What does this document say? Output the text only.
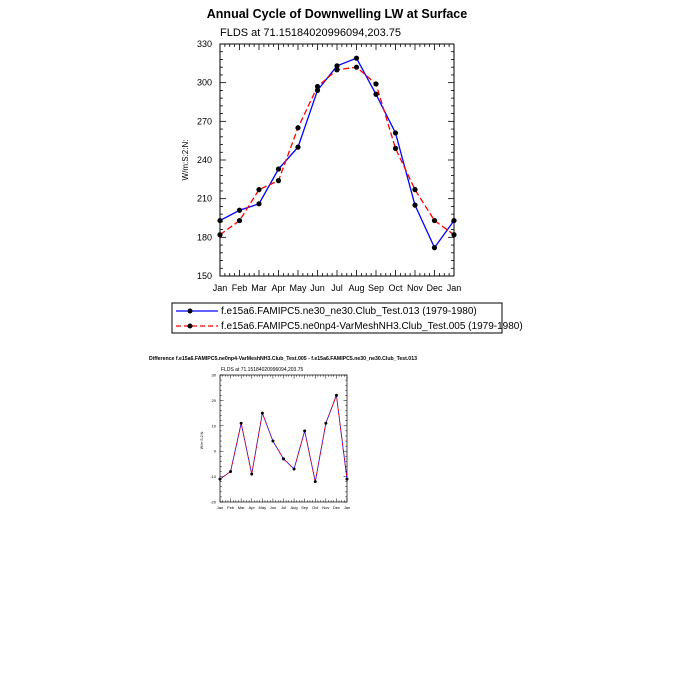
Annual Cycle of Downwelling LW at Surface
FLDS at 71.15184020996094,203.75
Jan Feb Mar Apr May Jun Jul Aug Sep Oct Nov Dec Jan
150
180
210
240
270
300
330
W/m:S:2:N:
f.e15a6.FAMIPC5.ne30_ne30.Club_Test.013 (1979-1980)
f.e15a6.FAMIPC5.ne0np4-VarMeshNH3.Club_Test.005 (1979-1980)
Difference f.e15a6.FAMIPC5.ne0np4-VarMeshNH3.Club_Test.005 - f.e15a6.FAMIPC5.ne30_ne30.Club_Test.013
FLDS at 71.15184020996094,203.75
Jan Feb Mar Apr May Jun Jul Aug Sep Oct Nov Dec Jan
-20
-10
0
10
20
30
W/m:S:2:N:
